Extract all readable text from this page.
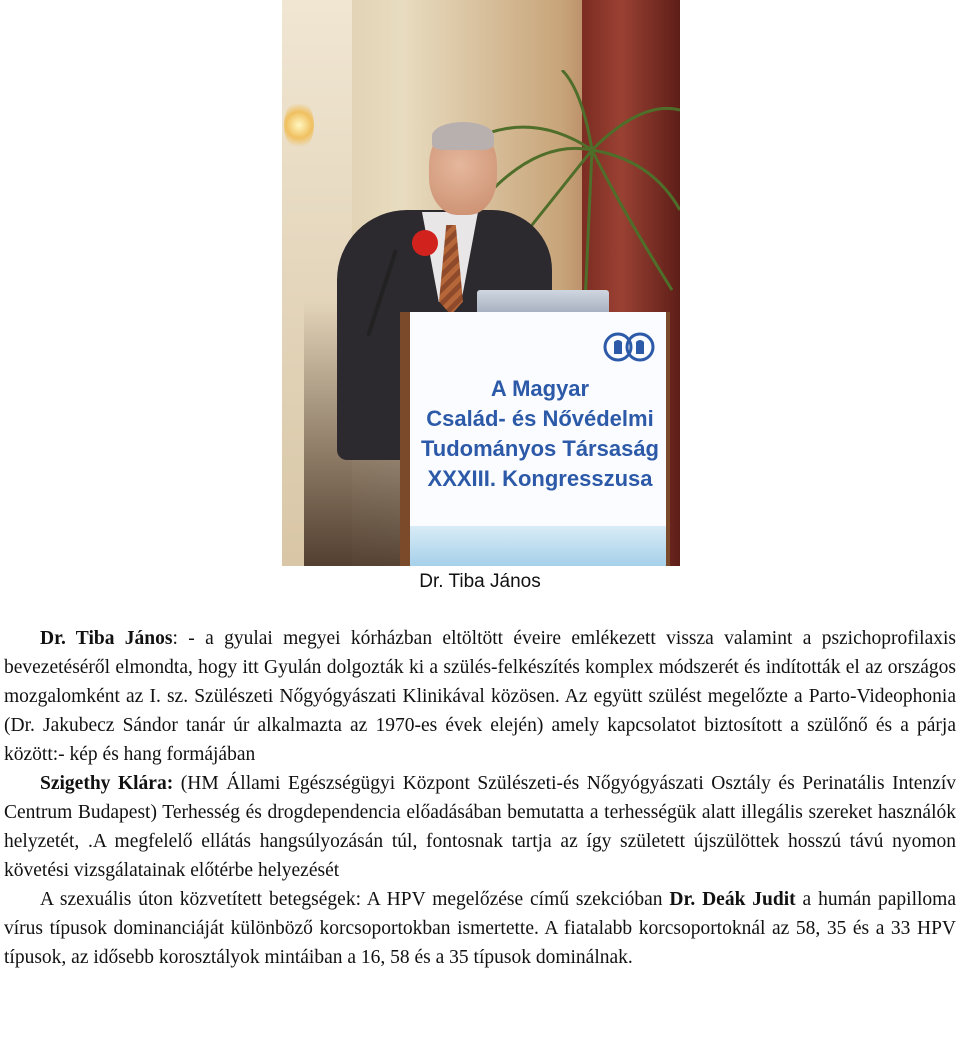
A Magyar
Család- és Nővédelmi
Tudományos Társaság
XXXIII. Kongresszusa
Dr. Tiba János

Dr. Tiba János: - a gyulai megyei kórházban eltöltött éveire emlékezett vissza valamint a pszichoprofilaxis bevezetéséről elmondta, hogy itt Gyulán dolgozták ki a szülés-felkészítés komplex módszerét és indították el az országos mozgalomként az I. sz. Szülészeti Nőgyógyászati Klinikával közösen. Az együtt szülést megelőzte a Parto-Videophonia (Dr. Jakubecz Sándor tanár úr alkalmazta az 1970-es évek elején) amely kapcsolatot biztosított a szülőnő és a párja között:- kép és hang formájában

Szigethy Klára: (HM Állami Egészségügyi Központ Szülészeti-és Nőgyógyászati Osztály és Perinatális Intenzív Centrum Budapest) Terhesség és drogdependencia előadásában bemutatta a terhességük alatt illegális szereket használók helyzetét, .A megfelelő ellátás hangsúlyozásán túl, fontosnak tartja az így született újszülöttek hosszú távú nyomon követési vizsgálatainak előtérbe helyezését

A szexuális úton közvetített betegségek: A HPV megelőzése című szekcióban Dr. Deák Judit a humán papilloma vírus típusok dominanciáját különböző korcsoportokban ismertette. A fiatalabb korcsoportoknál az 58, 35 és a 33 HPV típusok, az idősebb korosztályok mintáiban a 16, 58 és a 35 típusok dominálnak.
